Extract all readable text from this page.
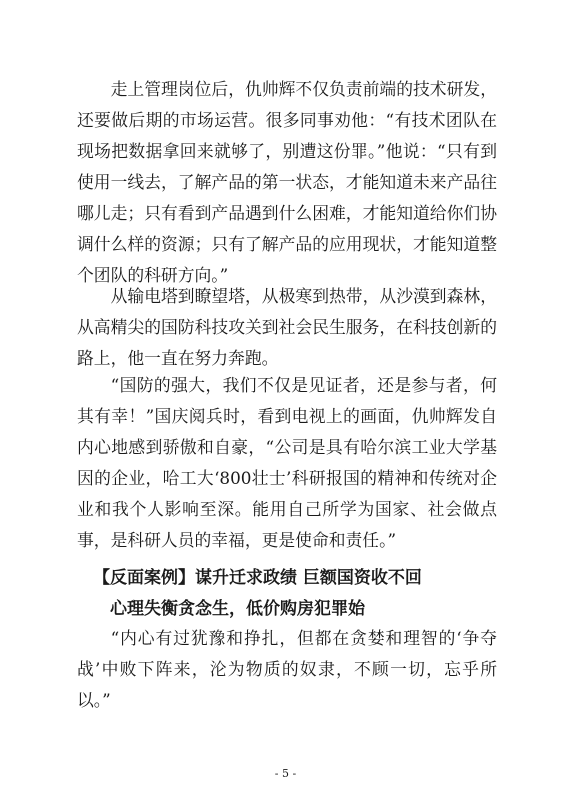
走上管理岗位后，仇帅辉不仅负责前端的技术研发，还要做后期的市场运营。很多同事劝他：“有技术团队在现场把数据拿回来就够了，别遭这份罪。”他说：“只有到使用一线去，了解产品的第一状态，才能知道未来产品往哪儿走；只有看到产品遇到什么困难，才能知道给你们协调什么样的资源；只有了解产品的应用现状，才能知道整个团队的科研方向。”

从输电塔到瞭望塔，从极寒到热带，从沙漠到森林，从高精尖的国防科技攻关到社会民生服务，在科技创新的路上，他一直在努力奔跑。

“国防的强大，我们不仅是见证者，还是参与者，何其有幸！”国庆阅兵时，看到电视上的画面，仇帅辉发自内心地感到骄傲和自豪，“公司是具有哈尔滨工业大学基因的企业，哈工大‘800壮士’科研报国的精神和传统对企业和我个人影响至深。能用自己所学为国家、社会做点事，是科研人员的幸福，更是使命和责任。”

【反面案例】谋升迁求政绩 巨额国资收不回

心理失衡贪念生，低价购房犯罪始

“内心有过犹豫和挣扎，但都在贪婪和理智的‘争夺战’中败下阵来，沦为物质的奴隶，不顾一切，忘乎所以。”

- 5 -
